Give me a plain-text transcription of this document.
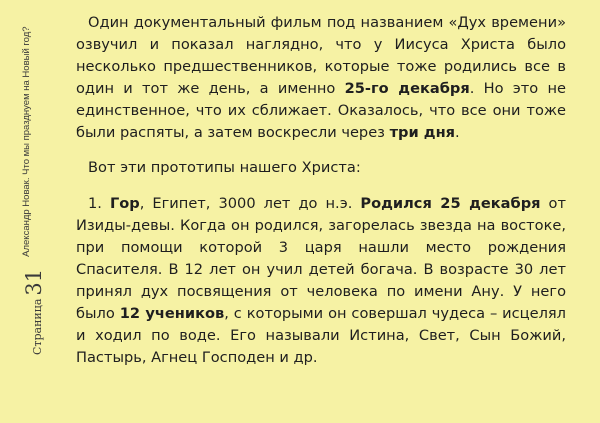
Страница
31
Александр Новак. Что мы празднуем на Новый год?

Один документальный фильм под названием «Дух времени» озвучил и показал наглядно, что у Иисуса Христа было несколько предшественников, которые тоже родились все в один и тот же день, а именно 25-го декабря. Но это не единственное, что их сближает. Оказалось, что все они тоже были распяты, а затем воскресли через три дня.

Вот эти прототипы нашего Христа:

1. Гор, Египет, 3000 лет до н.э. Родился 25 декабря от Изиды-девы. Когда он родился, загорелась звезда на востоке, при помощи которой 3 царя нашли место рождения Спасителя. В 12 лет он учил детей богача. В возрасте 30 лет принял дух посвящения от человека по имени Ану. У него было 12 учеников, с которыми он совершал чудеса – исцелял и ходил по воде. Его называли Истина, Свет, Сын Божий, Пастырь, Агнец Господен и др.
